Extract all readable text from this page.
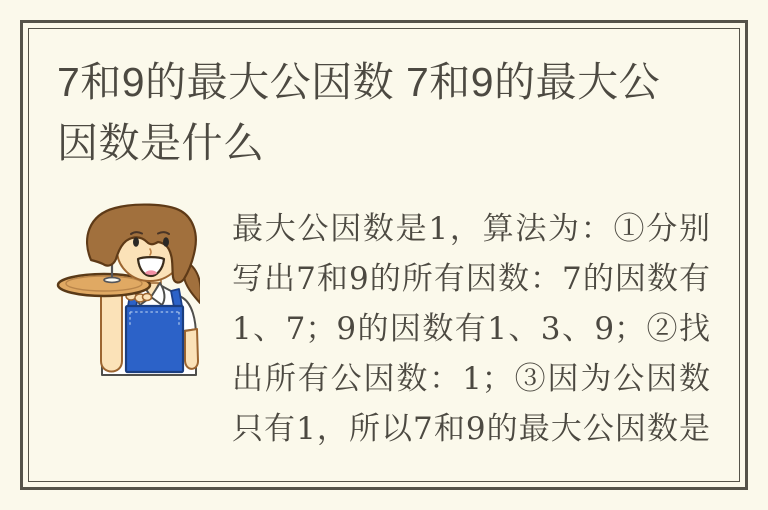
7和9的最大公因数 7和9的最大公
因数是什么
最大公因数是1，算法为：①分别
写出7和9的所有因数：7的因数有
1、7；9的因数有1、3、9；②找
出所有公因数：1；③因为公因数
只有1，所以7和9的最大公因数是
